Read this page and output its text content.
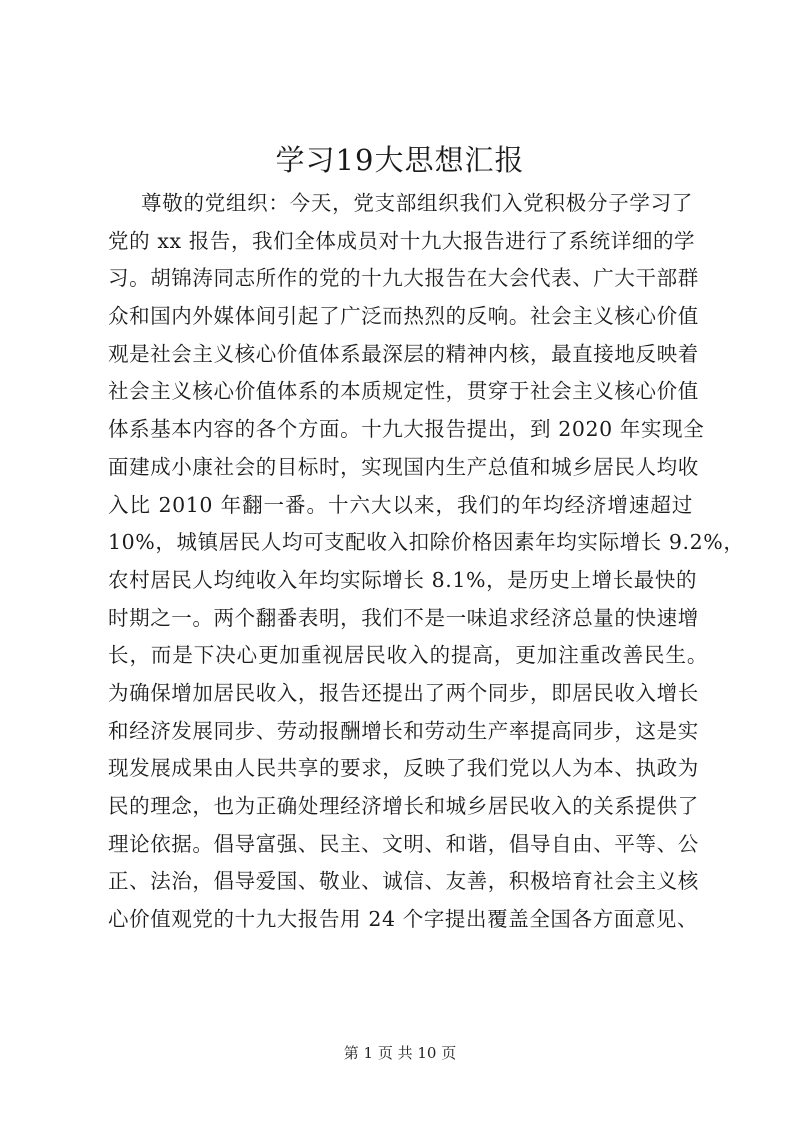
学习19大思想汇报
尊敬的党组织：今天，党支部组织我们入党积极分子学习了
党的 xx 报告，我们全体成员对十九大报告进行了系统详细的学
习。胡锦涛同志所作的党的十九大报告在大会代表、广大干部群
众和国内外媒体间引起了广泛而热烈的反响。社会主义核心价值
观是社会主义核心价值体系最深层的精神内核，最直接地反映着
社会主义核心价值体系的本质规定性，贯穿于社会主义核心价值
体系基本内容的各个方面。十九大报告提出，到 2020 年实现全
面建成小康社会的目标时，实现国内生产总值和城乡居民人均收
入比 2010 年翻一番。十六大以来，我们的年均经济增速超过
10%，城镇居民人均可支配收入扣除价格因素年均实际增长 9.2%，
农村居民人均纯收入年均实际增长 8.1%，是历史上增长最快的
时期之一。两个翻番表明，我们不是一味追求经济总量的快速增
长，而是下决心更加重视居民收入的提高，更加注重改善民生。
为确保增加居民收入，报告还提出了两个同步，即居民收入增长
和经济发展同步、劳动报酬增长和劳动生产率提高同步，这是实
现发展成果由人民共享的要求，反映了我们党以人为本、执政为
民的理念，也为正确处理经济增长和城乡居民收入的关系提供了
理论依据。倡导富强、民主、文明、和谐，倡导自由、平等、公
正、法治，倡导爱国、敬业、诚信、友善，积极培育社会主义核
心价值观党的十九大报告用 24 个字提出覆盖全国各方面意见、
第 1 页 共 10 页
